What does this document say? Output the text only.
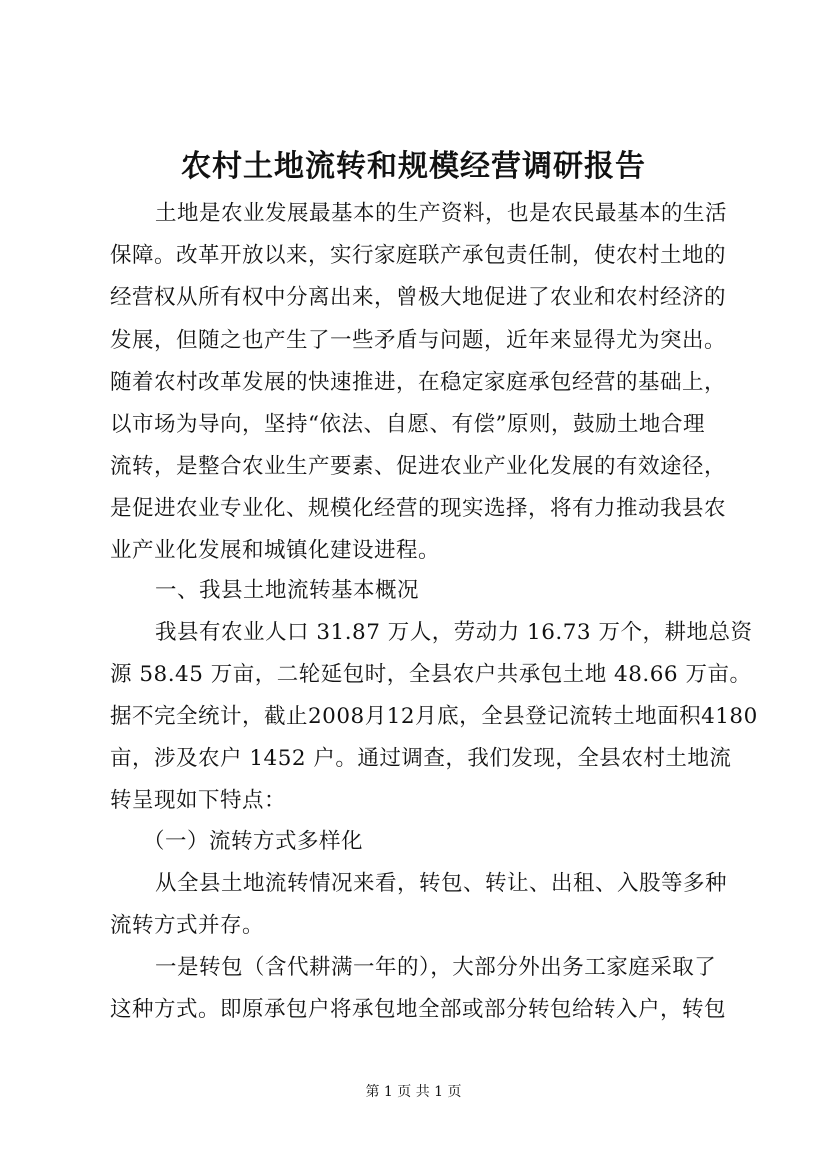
农村土地流转和规模经营调研报告
土地是农业发展最基本的生产资料，也是农民最基本的生活
保障。改革开放以来，实行家庭联产承包责任制，使农村土地的
经营权从所有权中分离出来，曾极大地促进了农业和农村经济的
发展，但随之也产生了一些矛盾与问题，近年来显得尤为突出。
随着农村改革发展的快速推进，在稳定家庭承包经营的基础上，
以市场为导向，坚持“依法、自愿、有偿”原则，鼓励土地合理
流转，是整合农业生产要素、促进农业产业化发展的有效途径，
是促进农业专业化、规模化经营的现实选择，将有力推动我县农
业产业化发展和城镇化建设进程。
一、我县土地流转基本概况
我县有农业人口 31.87 万人，劳动力 16.73 万个，耕地总资
源 58.45 万亩，二轮延包时，全县农户共承包土地 48.66 万亩。
据不完全统计，截止2008月12月底，全县登记流转土地面积4180
亩，涉及农户 1452 户。通过调查，我们发现，全县农村土地流
转呈现如下特点：
（一）流转方式多样化
从全县土地流转情况来看，转包、转让、出租、入股等多种
流转方式并存。
一是转包（含代耕满一年的），大部分外出务工家庭采取了
这种方式。即原承包户将承包地全部或部分转包给转入户，转包
第 1 页 共 1 页
